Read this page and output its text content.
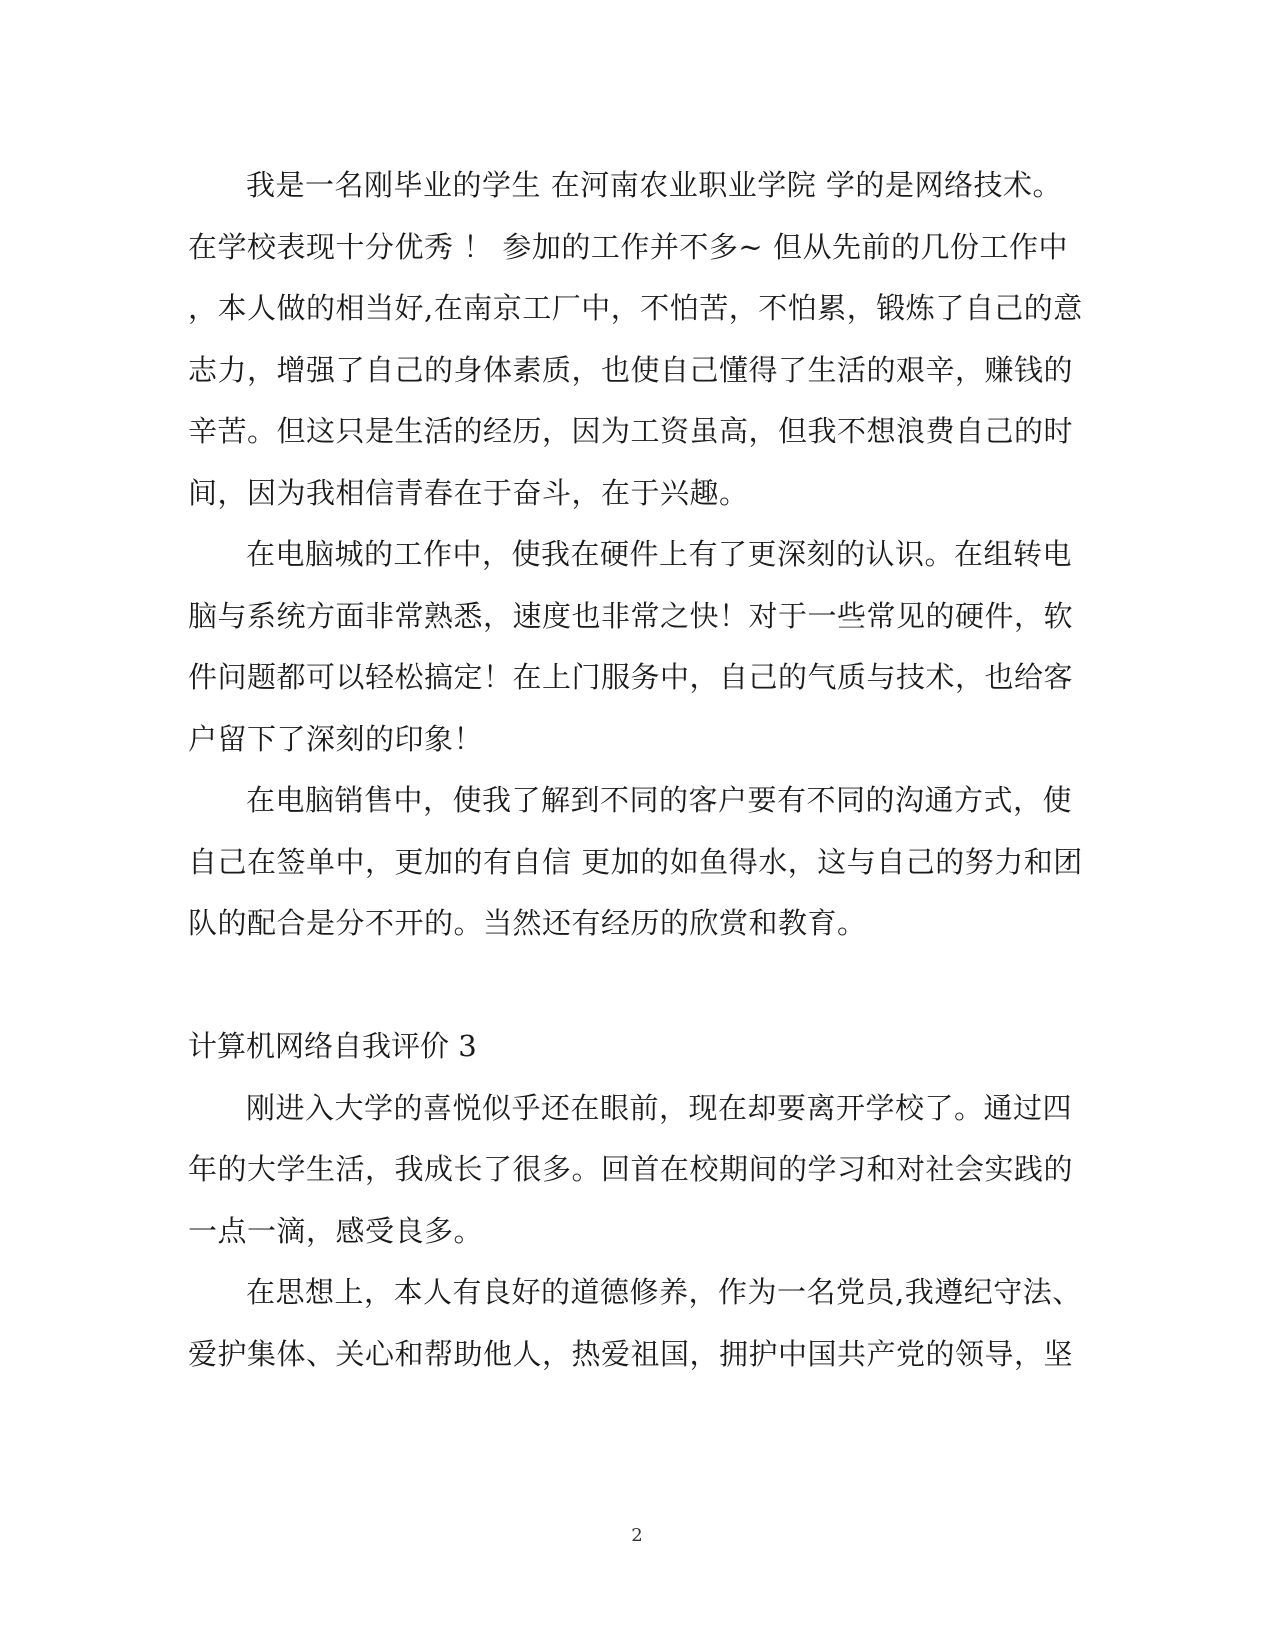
我是一名刚毕业的学生 在河南农业职业学院 学的是网络技术。
在学校表现十分优秀 ！ 参加的工作并不多~ 但从先前的几份工作中
，本人做的相当好,在南京工厂中，不怕苦，不怕累，锻炼了自己的意
志力，增强了自己的身体素质，也使自己懂得了生活的艰辛，赚钱的
辛苦。但这只是生活的经历，因为工资虽高，但我不想浪费自己的时
间，因为我相信青春在于奋斗，在于兴趣。
在电脑城的工作中，使我在硬件上有了更深刻的认识。在组转电
脑与系统方面非常熟悉，速度也非常之快！对于一些常见的硬件，软
件问题都可以轻松搞定！在上门服务中，自己的气质与技术，也给客
户留下了深刻的印象！
在电脑销售中，使我了解到不同的客户要有不同的沟通方式，使
自己在签单中，更加的有自信 更加的如鱼得水，这与自己的努力和团
队的配合是分不开的。当然还有经历的欣赏和教育。
计算机网络自我评价 3
刚进入大学的喜悦似乎还在眼前，现在却要离开学校了。通过四
年的大学生活，我成长了很多。回首在校期间的学习和对社会实践的
一点一滴，感受良多。
在思想上，本人有良好的道德修养，作为一名党员,我遵纪守法、
爱护集体、关心和帮助他人，热爱祖国，拥护中国共产党的领导，坚
2
